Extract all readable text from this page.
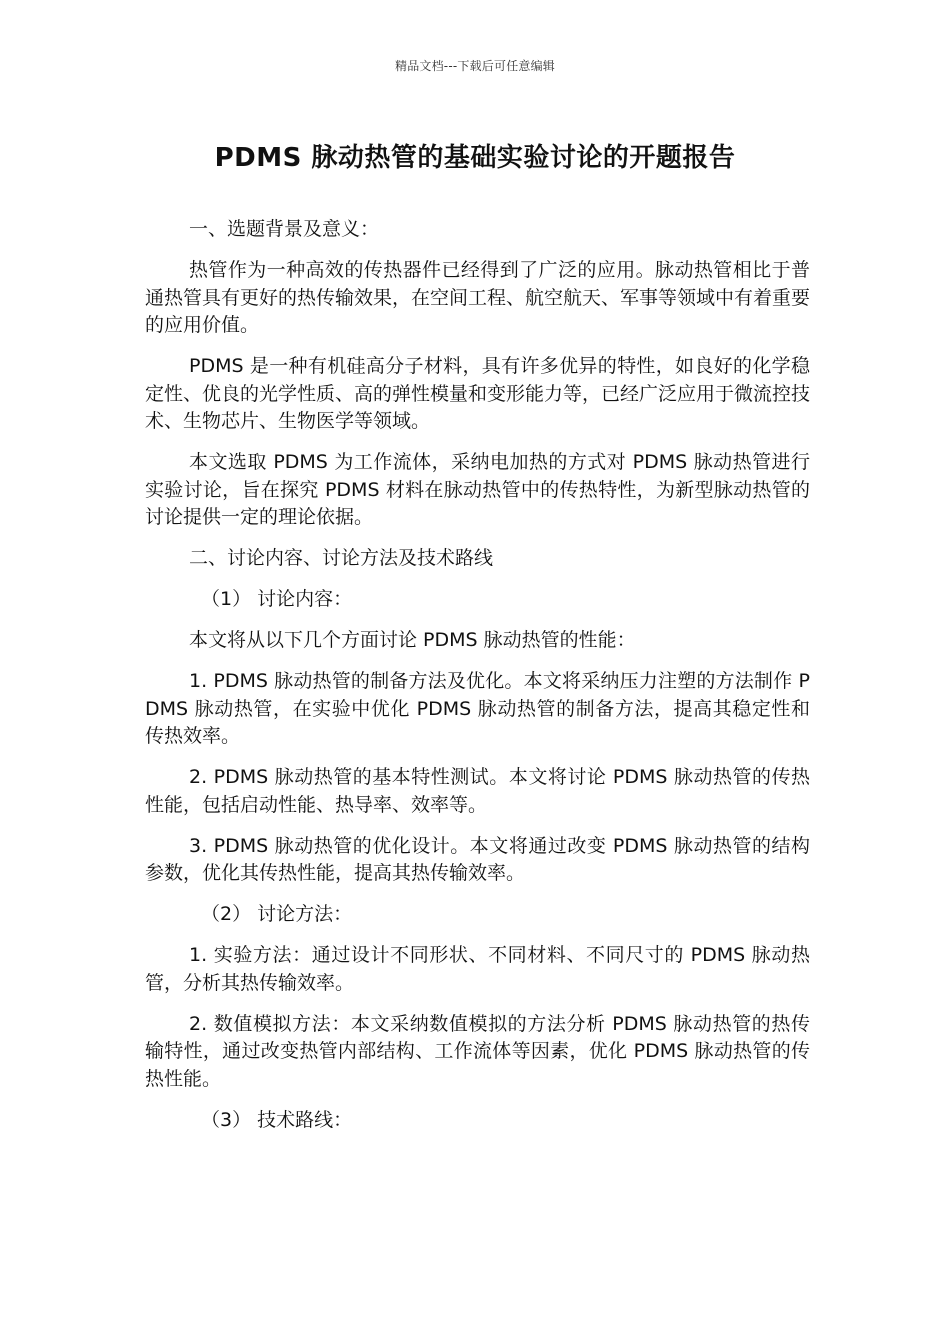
精品文档---下载后可任意编辑
PDMS 脉动热管的基础实验讨论的开题报告

一、选题背景及意义：

热管作为一种高效的传热器件已经得到了广泛的应用。脉动热管相比于普通热管具有更好的热传输效果，在空间工程、航空航天、军事等领域中有着重要的应用价值。

PDMS 是一种有机硅高分子材料，具有许多优异的特性，如良好的化学稳定性、优良的光学性质、高的弹性模量和变形能力等，已经广泛应用于微流控技术、生物芯片、生物医学等领域。

本文选取 PDMS 为工作流体，采纳电加热的方式对 PDMS 脉动热管进行实验讨论，旨在探究 PDMS 材料在脉动热管中的传热特性，为新型脉动热管的讨论提供一定的理论依据。

二、讨论内容、讨论方法及技术路线

（1） 讨论内容：

本文将从以下几个方面讨论 PDMS 脉动热管的性能：

1. PDMS 脉动热管的制备方法及优化。本文将采纳压力注塑的方法制作 PDMS 脉动热管，在实验中优化 PDMS 脉动热管的制备方法，提高其稳定性和传热效率。

2. PDMS 脉动热管的基本特性测试。本文将讨论 PDMS 脉动热管的传热性能，包括启动性能、热导率、效率等。

3. PDMS 脉动热管的优化设计。本文将通过改变 PDMS 脉动热管的结构参数，优化其传热性能，提高其热传输效率。

（2） 讨论方法：

1. 实验方法：通过设计不同形状、不同材料、不同尺寸的 PDMS 脉动热管，分析其热传输效率。

2. 数值模拟方法：本文采纳数值模拟的方法分析 PDMS 脉动热管的热传输特性，通过改变热管内部结构、工作流体等因素，优化 PDMS 脉动热管的传热性能。

（3） 技术路线：
